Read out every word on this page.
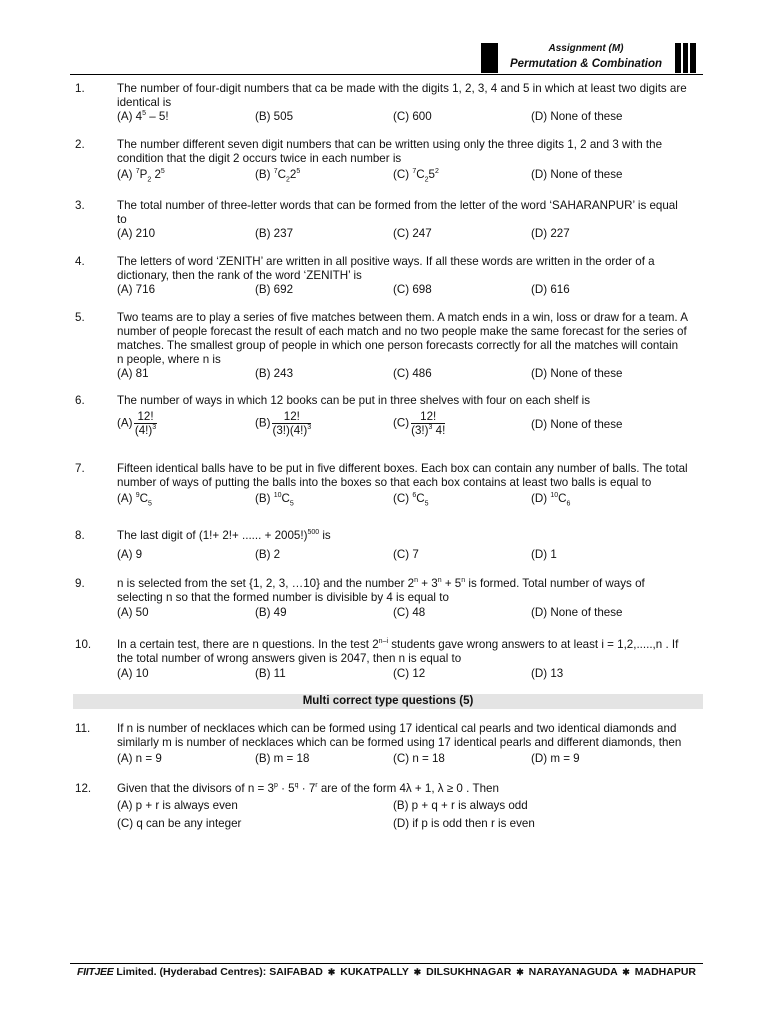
Assignment (M)
Permutation & Combination
1.	The number of four-digit numbers that ca be made with the digits 1, 2, 3, 4 and 5 in which at least two digits are
identical is
(A) $4^5 - 5$!	(B) 505	(C) 600	(D) None of these
2.	The number different seven digit numbers that can be written using only the three digits 1, 2 and 3 with the
condition that the digit 2 occurs twice in each number is
(A) $^7P_2$ $2^5$	(B) $^7C_22^5$	(C) $^7C_25^2$	(D) None of these
3.	The total number of three-letter words that can be formed from the letter of the word ‘SAHARANPUR’ is equal
to
(A) 210	(B) 237	(C) 247	(D) 227
4.	The letters of word ‘ZENITH’ are written in all positive ways. If all these words are written in the order of a
dictionary, then the rank of the word ‘ZENITH’ is
(A) 716	(B) 692	(C) 698	(D) 616
5.	Two teams are to play a series of five matches between them. A match ends in a win, loss or draw for a team. A
number of people forecast the result of each match and no two people make the same forecast for the series of
matches. The smallest group of people in which one person forecasts correctly for all the matches will contain
n people, where n is
(A) 81	(B) 243	(C) 486	(D) None of these
6.	The number of ways in which 12 books can be put in three shelves with four on each shelf is
$(A) \frac{12!}{(4!)^3}$	$(B) \frac{12!}{(3!)(4!)^3}$	$(C) \frac{12!}{(3!)^3 4!}$	(D) None of these
7.	Fifteen identical balls have to be put in five different boxes. Each box can contain any number of balls. The total
number of ways of putting the balls into the boxes so that each box contains at least two balls is equal to
(A) $^9C_5$	(B) $^{10}C_5$	(C) $^6C_5$	(D) $^{10}C_6$
8.	The last digit of (1!+ 2!+ ...... + 2005!)$^{500}$ is
(A) 9	(B) 2	(C) 7	(D) 1
9.	n is selected from the set {1, 2, 3, …10} and the number $2^n + 3^n + 5^n$ is formed. Total number of ways of
selecting n so that the formed number is divisible by 4 is equal to
(A) 50	(B) 49	(C) 48	(D) None of these
10. In a certain test, there are n questions. In the test 2$^{n-i}$ students gave wrong answers to at least i = 1,2,.....,n . If
the total number of wrong answers given is 2047, then n is equal to
(A) 10	(B) 11	(C) 12	(D) 13
Multi correct type questions (5)
11. If n is number of necklaces which can be formed using 17 identical cal pearls and two identical diamonds and
similarly m is number of necklaces which can be formed using 17 identical pearls and different diamonds, then
(A) n = 9	(B) m = 18	(C) n = 18	(D) m = 9
12. Given that the divisors of $n = 3^p \cdot 5^q \cdot 7^r$ are of the form 4λ + 1, λ ≥ 0 . Then
(A) p + r is always even	(B) p + q + r is always odd
(C) q can be any integer	(D) if p is odd then r is even
FIITJEE Limited. (Hyderabad Centres): SAIFABAD ✱ KUKATPALLY ✱ DILSUKHNAGAR ✱ NARAYANAGUDA ✱ MADHAPUR
